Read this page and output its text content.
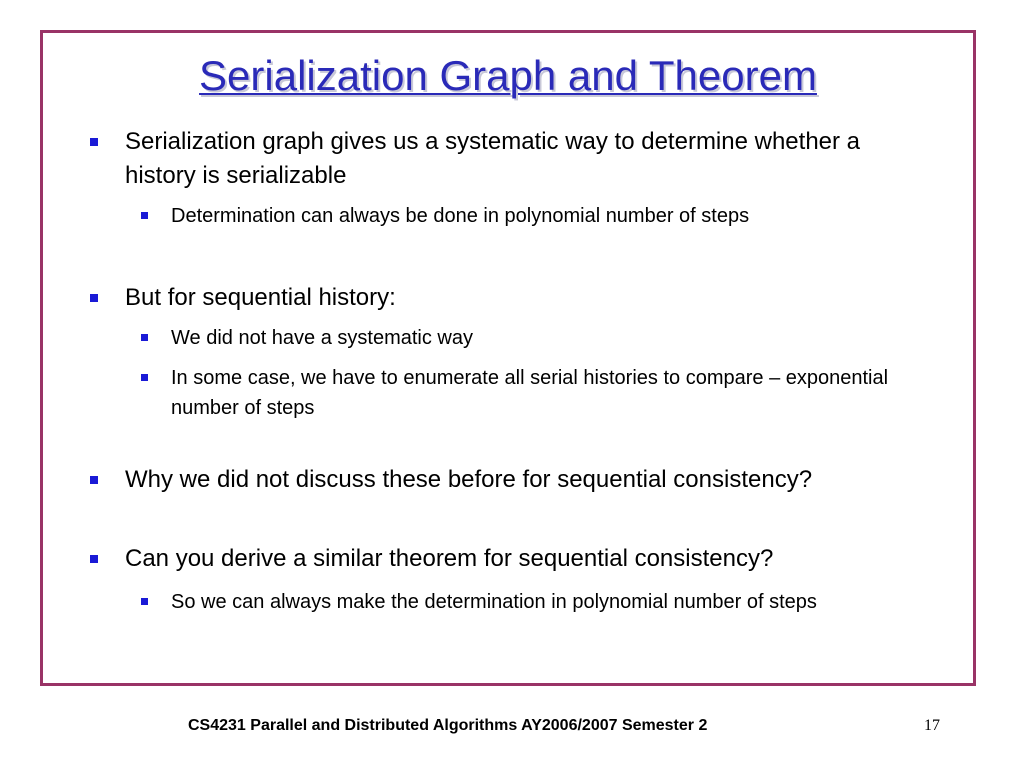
Serialization Graph and Theorem
Serialization graph gives us a systematic way to determine whether a history is serializable
Determination can always be done in polynomial number of steps
But for sequential history:
We did not have a systematic way
In some case, we have to enumerate all serial histories to compare – exponential number of steps
Why we did not discuss these before for sequential consistency?
Can you derive a similar theorem for sequential consistency?
So we can always make the determination in polynomial number of steps
CS4231 Parallel and Distributed Algorithms AY2006/2007 Semester 2	17
